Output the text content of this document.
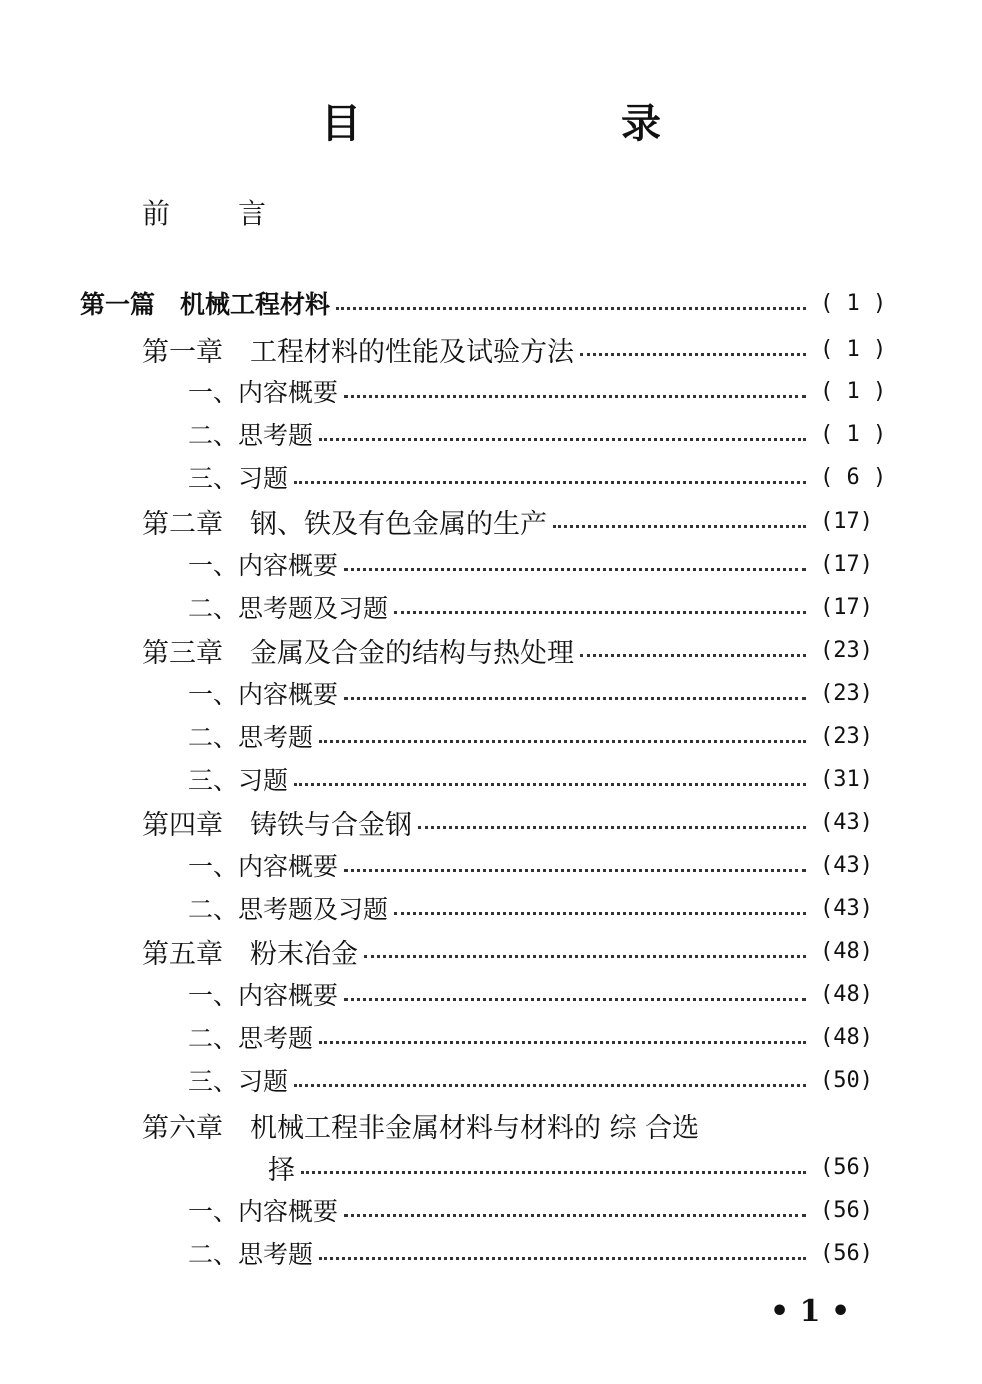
目　录
前言
第一篇　机械工程材料	( 1 )
第一章　工程材料的性能及试验方法	( 1 )
一、内容概要	( 1 )
二、思考题	( 1 )
三、习题	( 6 )
第二章　钢、铁及有色金属的生产	(17)
一、内容概要	(17)
二、思考题及习题	(17)
第三章　金属及合金的结构与热处理	(23)
一、内容概要	(23)
二、思考题	(23)
三、习题	(31)
第四章　铸铁与合金钢	(43)
一、内容概要	(43)
二、思考题及习题	(43)
第五章　粉末冶金	(48)
一、内容概要	(48)
二、思考题	(48)
三、习题	(50)
第六章　机械工程非金属材料与材料的 综 合选
择	(56)
一、内容概要	(56)
二、思考题	(56)
• 1 •
